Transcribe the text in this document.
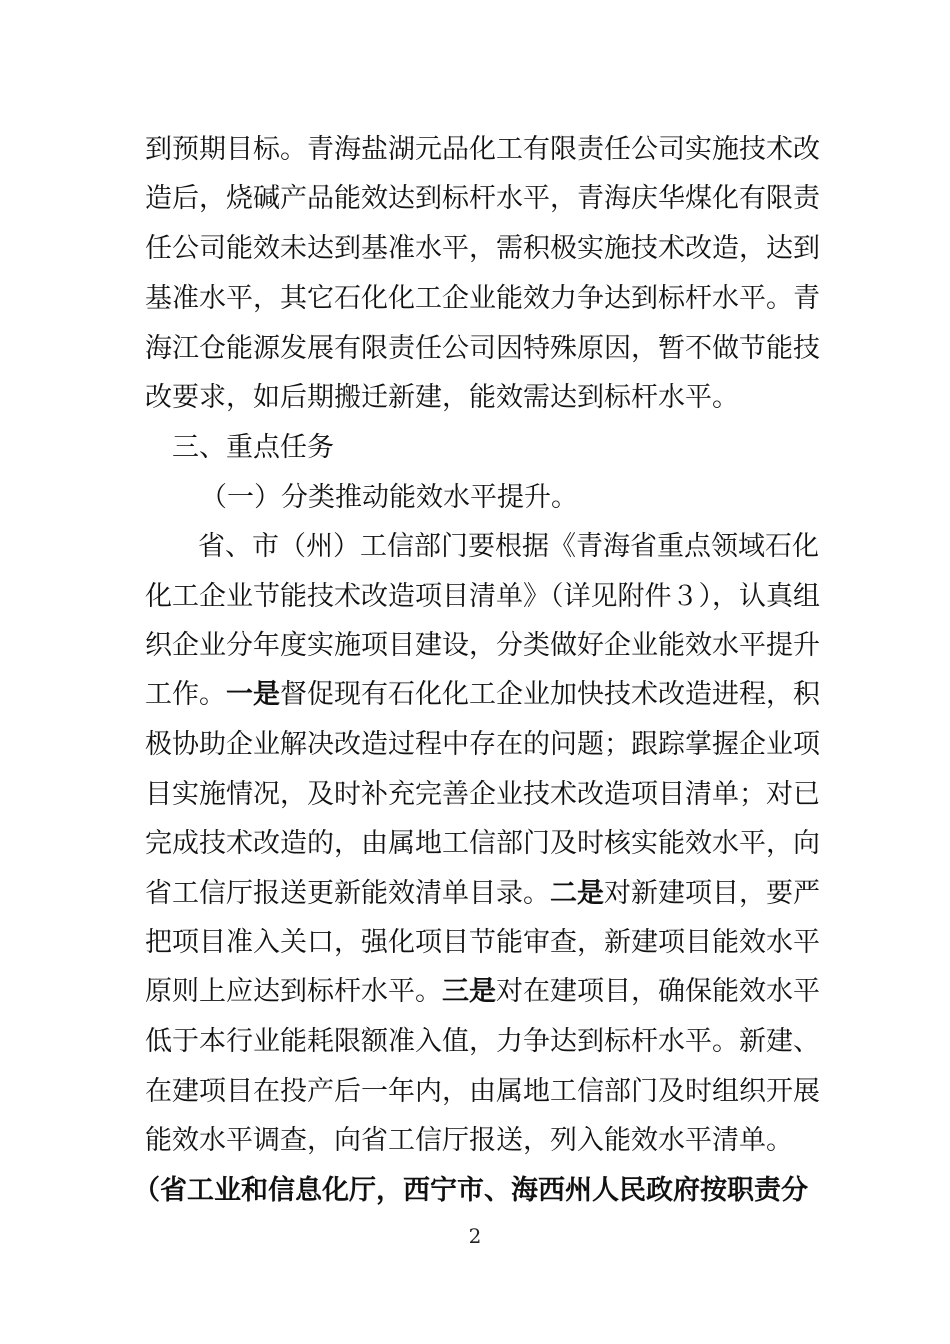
到预期目标。青海盐湖元品化工有限责任公司实施技术改
造后，烧碱产品能效达到标杆水平，青海庆华煤化有限责
任公司能效未达到基准水平，需积极实施技术改造，达到
基准水平，其它石化化工企业能效力争达到标杆水平。青
海江仓能源发展有限责任公司因特殊原因，暂不做节能技
改要求，如后期搬迁新建，能效需达到标杆水平。
三、重点任务
（一）分类推动能效水平提升。
省、市（州）工信部门要根据《青海省重点领域石化
化工企业节能技术改造项目清单》（详见附件３），认真组
织企业分年度实施项目建设，分类做好企业能效水平提升
工作。一是督促现有石化化工企业加快技术改造进程，积
极协助企业解决改造过程中存在的问题；跟踪掌握企业项
目实施情况，及时补充完善企业技术改造项目清单；对已
完成技术改造的，由属地工信部门及时核实能效水平，向
省工信厅报送更新能效清单目录。二是对新建项目，要严
把项目准入关口，强化项目节能审查，新建项目能效水平
原则上应达到标杆水平。三是对在建项目，确保能效水平
低于本行业能耗限额准入值，力争达到标杆水平。新建、
在建项目在投产后一年内，由属地工信部门及时组织开展
能效水平调查，向省工信厅报送，列入能效水平清单。
（省工业和信息化厅，西宁市、海西州人民政府按职责分
2
